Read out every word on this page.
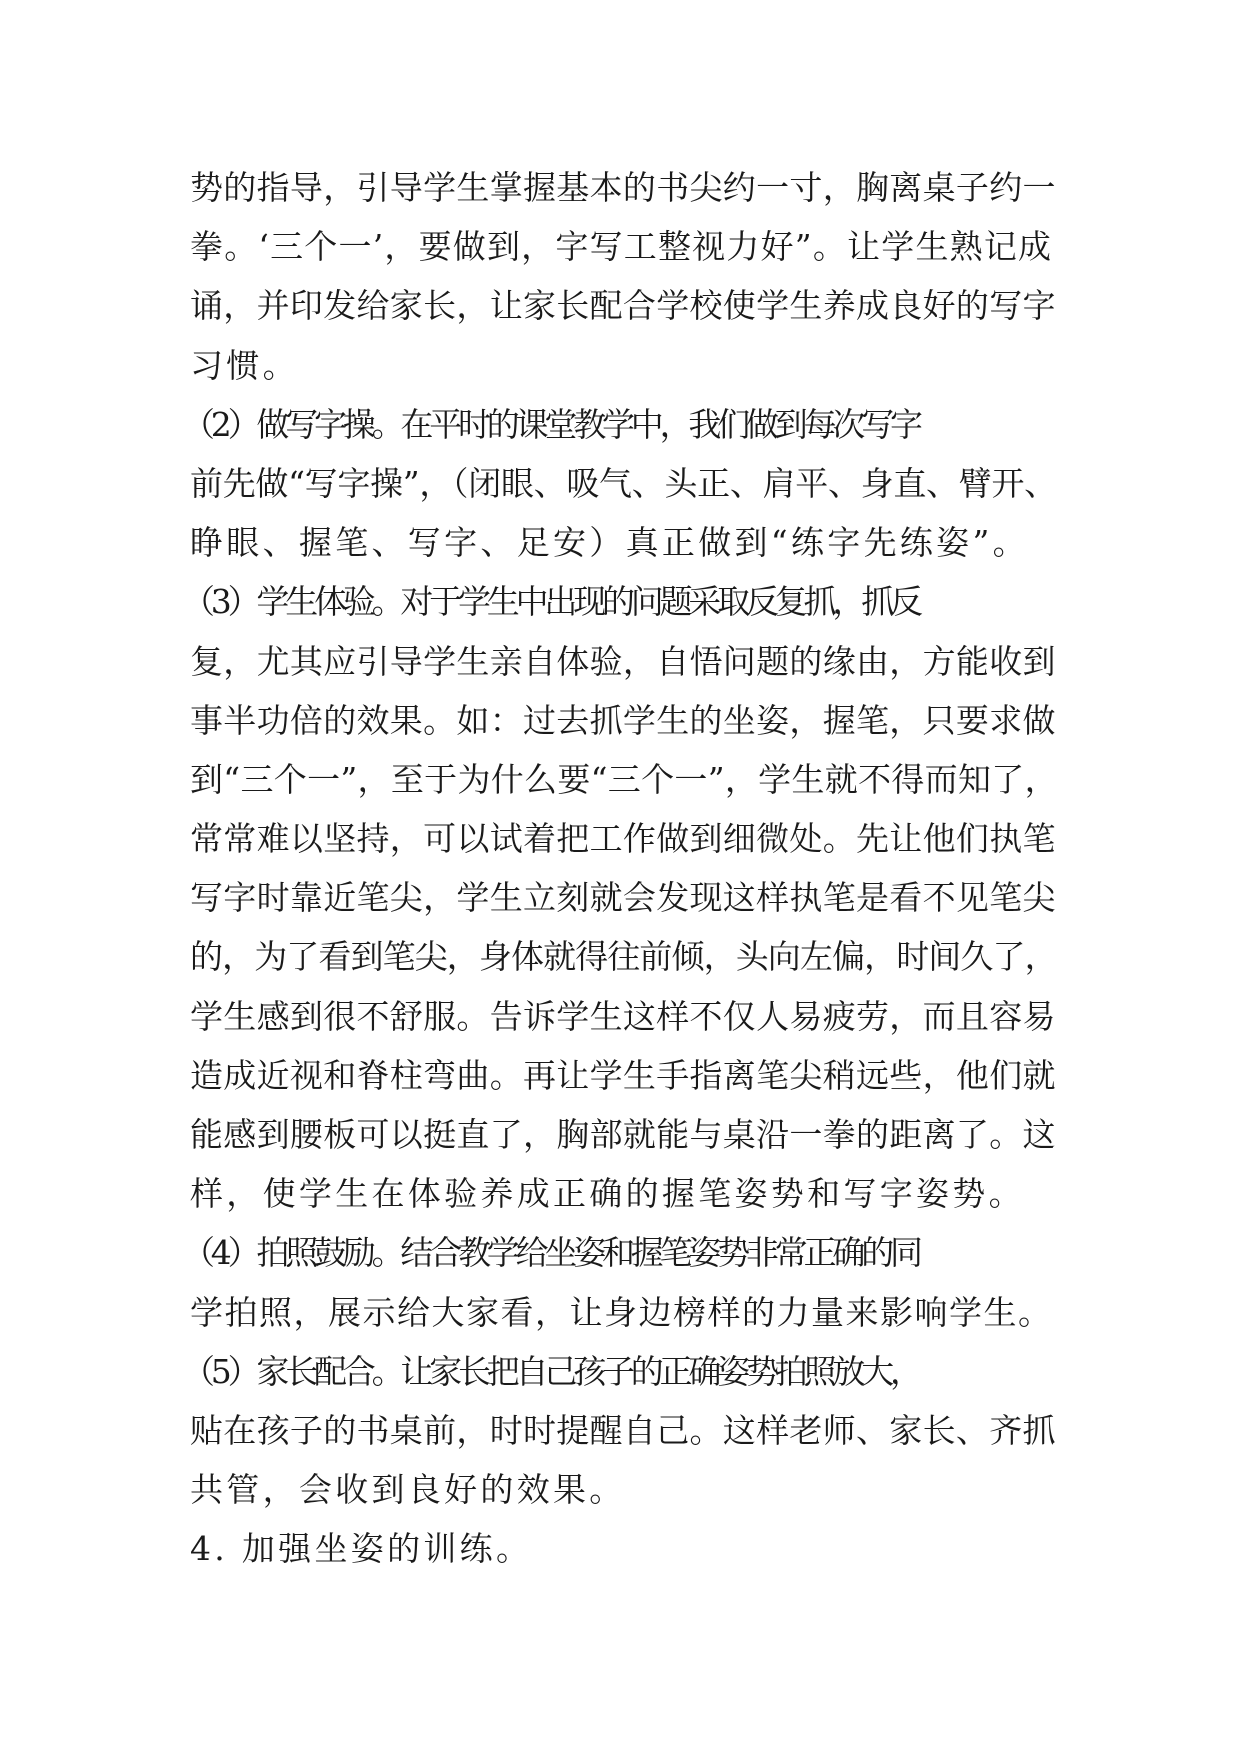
势的指导，引导学生掌握基本的书尖约一寸，胸离桌子约一
拳。‘三个一’，要做到，字写工整视力好”。让学生熟记成
诵，并印发给家长，让家长配合学校使学生养成良好的写字
习惯。
（2）做写字操。在平时的课堂教学中，我们做到每次写字
前先做“写字操”，（闭眼、吸气、头正、肩平、身直、臂开、
睁眼、握笔、写字、足安）真正做到“练字先练姿”。
（3）学生体验。对于学生中出现的问题采取反复抓，抓反
复，尤其应引导学生亲自体验，自悟问题的缘由，方能收到
事半功倍的效果。如：过去抓学生的坐姿，握笔，只要求做
到“三个一”，至于为什么要“三个一”，学生就不得而知了，
常常难以坚持，可以试着把工作做到细微处。先让他们执笔
写字时靠近笔尖，学生立刻就会发现这样执笔是看不见笔尖
的，为了看到笔尖，身体就得往前倾，头向左偏，时间久了，
学生感到很不舒服。告诉学生这样不仅人易疲劳，而且容易
造成近视和脊柱弯曲。再让学生手指离笔尖稍远些，他们就
能感到腰板可以挺直了，胸部就能与桌沿一拳的距离了。这
样，使学生在体验养成正确的握笔姿势和写字姿势。
（4）拍照鼓励。结合教学给坐姿和握笔姿势非常正确的同
学拍照，展示给大家看，让身边榜样的力量来影响学生。
（5）家长配合。让家长把自己孩子的正确姿势拍照放大，
贴在孩子的书桌前，时时提醒自己。这样老师、家长、齐抓
共管，会收到良好的效果。
4. 加强坐姿的训练。
